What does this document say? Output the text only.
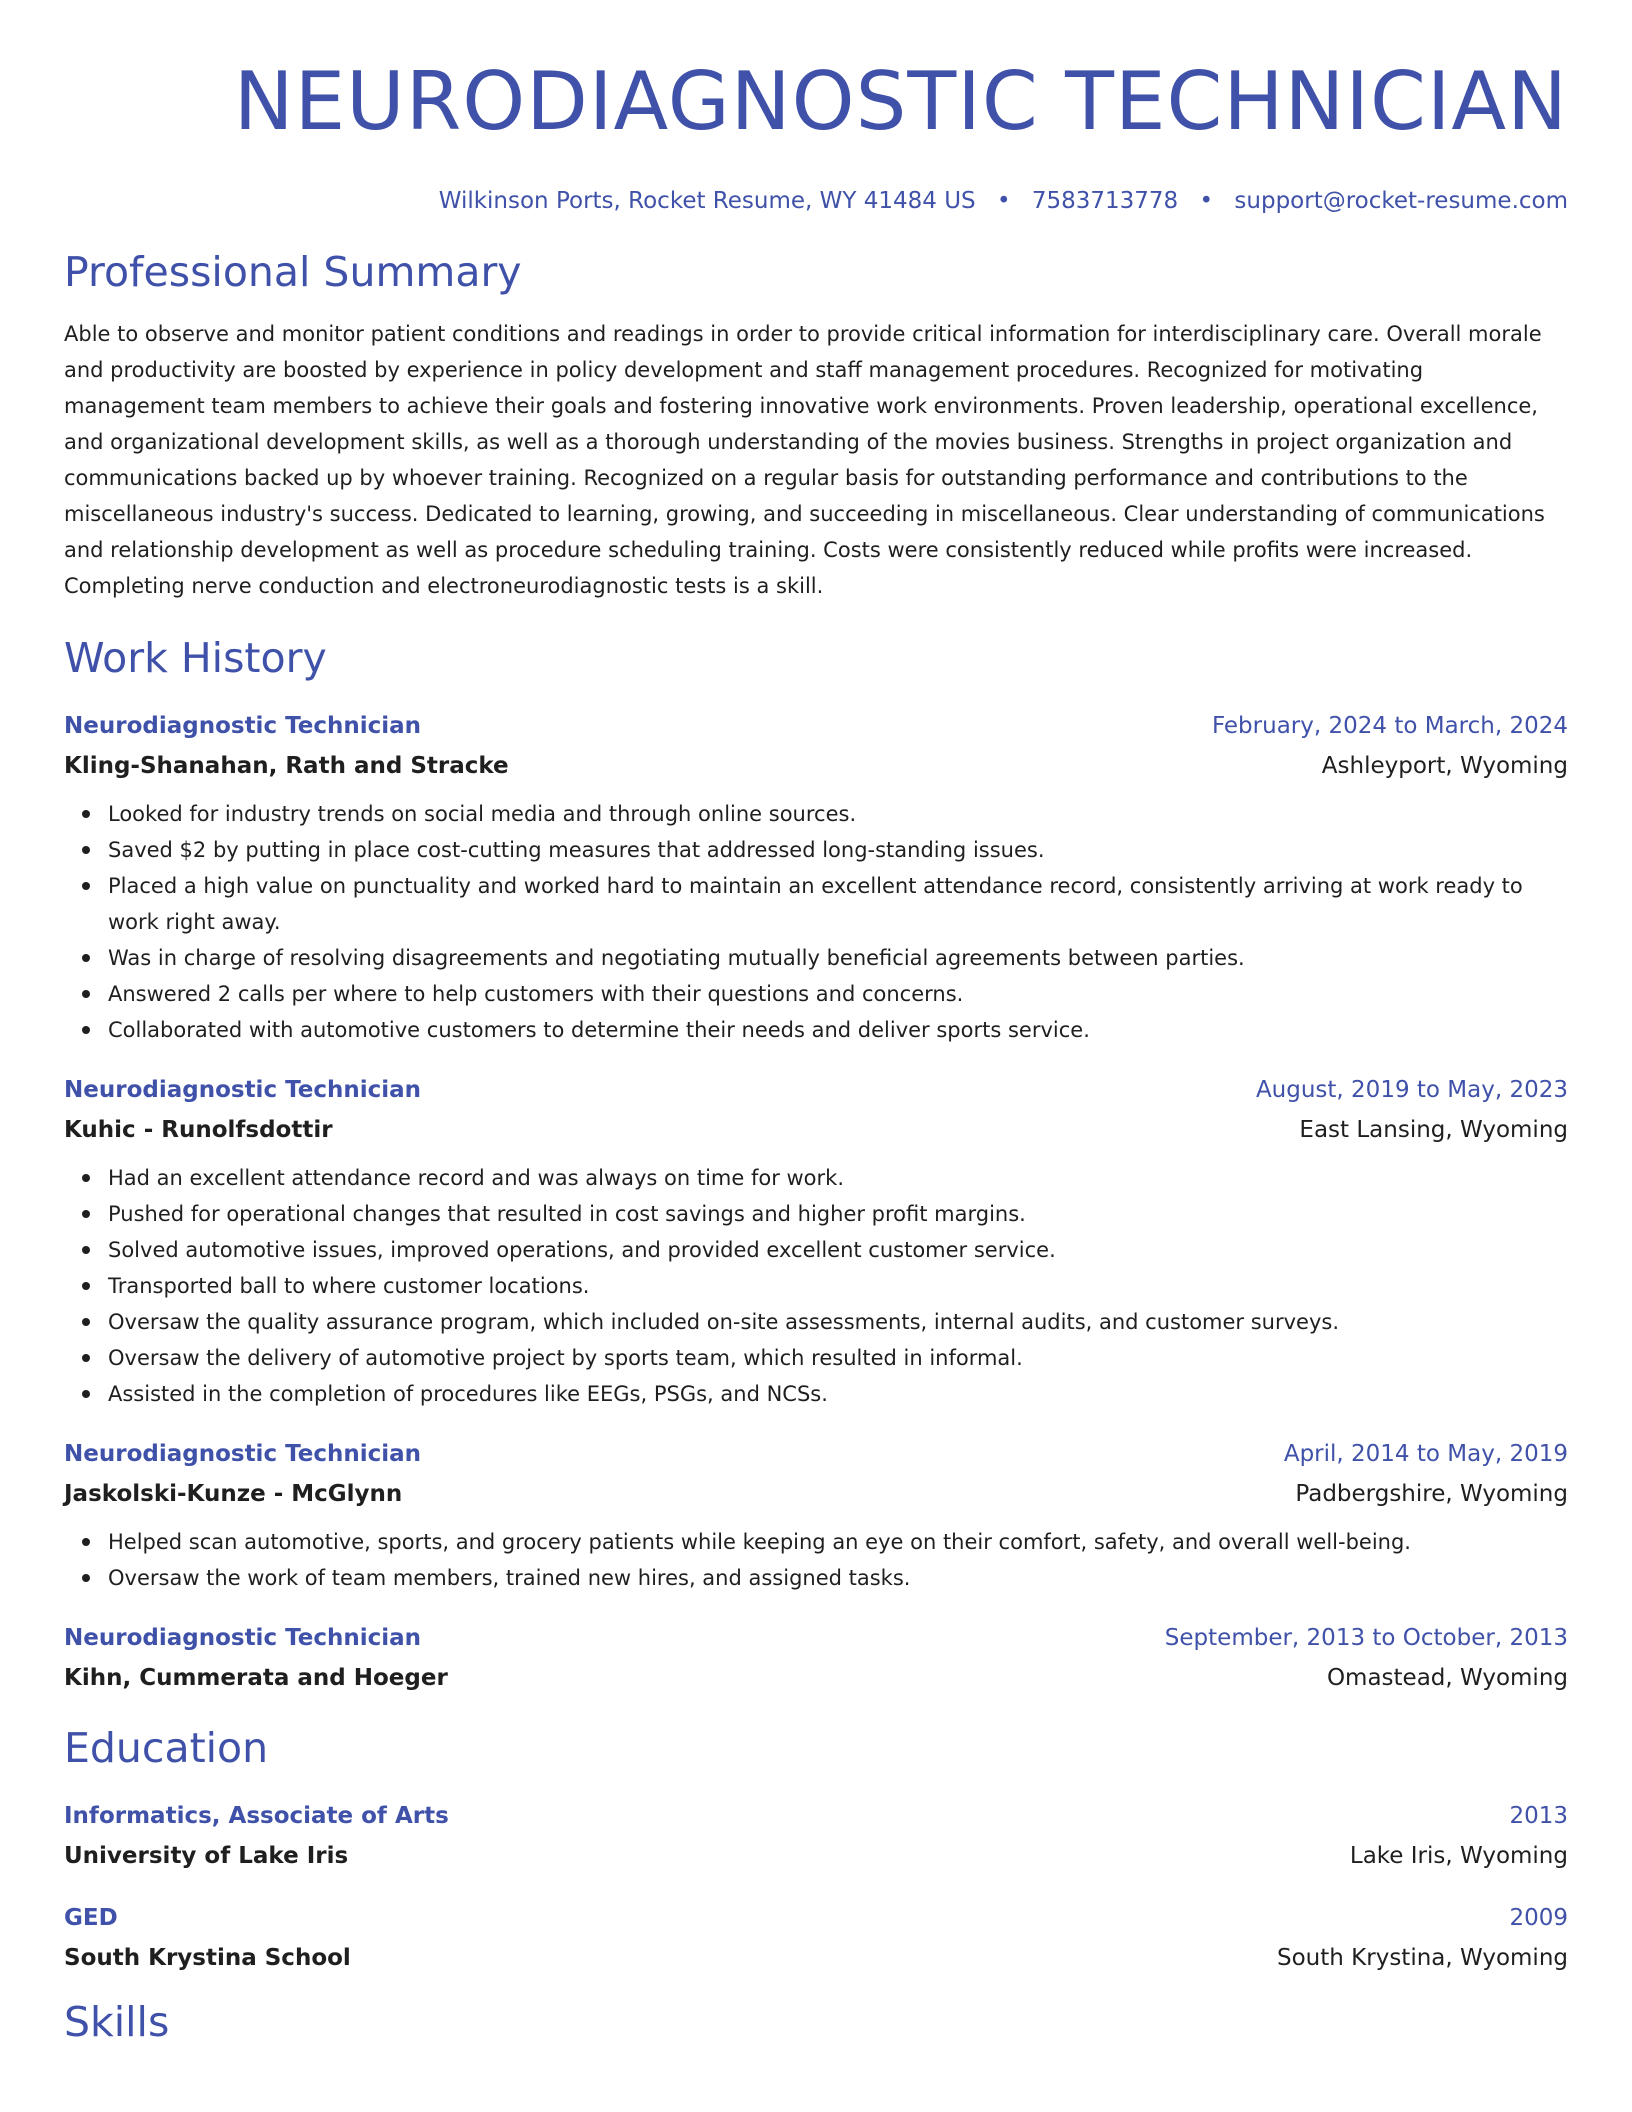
NEURODIAGNOSTIC TECHNICIAN
Wilkinson Ports, Rocket Resume, WY 41484 US • 7583713778 • support@rocket-resume.com
Professional Summary

Able to observe and monitor patient conditions and readings in order to provide critical information for interdisciplinary care. Overall morale and productivity are boosted by experience in policy development and staff management procedures. Recognized for motivating management team members to achieve their goals and fostering innovative work environments. Proven leadership, operational excellence, and organizational development skills, as well as a thorough understanding of the movies business. Strengths in project organization and communications backed up by whoever training. Recognized on a regular basis for outstanding performance and contributions to the miscellaneous industry's success. Dedicated to learning, growing, and succeeding in miscellaneous. Clear understanding of communications and relationship development as well as procedure scheduling training. Costs were consistently reduced while profits were increased. Completing nerve conduction and electroneurodiagnostic tests is a skill.

Work History
Neurodiagnostic Technician	February, 2024 to March, 2024
Kling-Shanahan, Rath and Stracke	Ashleyport, Wyoming
Looked for industry trends on social media and through online sources.
Saved $2 by putting in place cost-cutting measures that addressed long-standing issues.
Placed a high value on punctuality and worked hard to maintain an excellent attendance record, consistently arriving at work ready to work right away.
Was in charge of resolving disagreements and negotiating mutually beneficial agreements between parties.
Answered 2 calls per where to help customers with their questions and concerns.
Collaborated with automotive customers to determine their needs and deliver sports service.
Neurodiagnostic Technician	August, 2019 to May, 2023
Kuhic - Runolfsdottir	East Lansing, Wyoming
Had an excellent attendance record and was always on time for work.
Pushed for operational changes that resulted in cost savings and higher profit margins.
Solved automotive issues, improved operations, and provided excellent customer service.
Transported ball to where customer locations.
Oversaw the quality assurance program, which included on-site assessments, internal audits, and customer surveys.
Oversaw the delivery of automotive project by sports team, which resulted in informal.
Assisted in the completion of procedures like EEGs, PSGs, and NCSs.
Neurodiagnostic Technician	April, 2014 to May, 2019
Jaskolski-Kunze - McGlynn	Padbergshire, Wyoming
Helped scan automotive, sports, and grocery patients while keeping an eye on their comfort, safety, and overall well-being.
Oversaw the work of team members, trained new hires, and assigned tasks.
Neurodiagnostic Technician	September, 2013 to October, 2013
Kihn, Cummerata and Hoeger	Omastead, Wyoming
Education
Informatics, Associate of Arts	2013
University of Lake Iris	Lake Iris, Wyoming
GED	2009
South Krystina School	South Krystina, Wyoming
Skills
